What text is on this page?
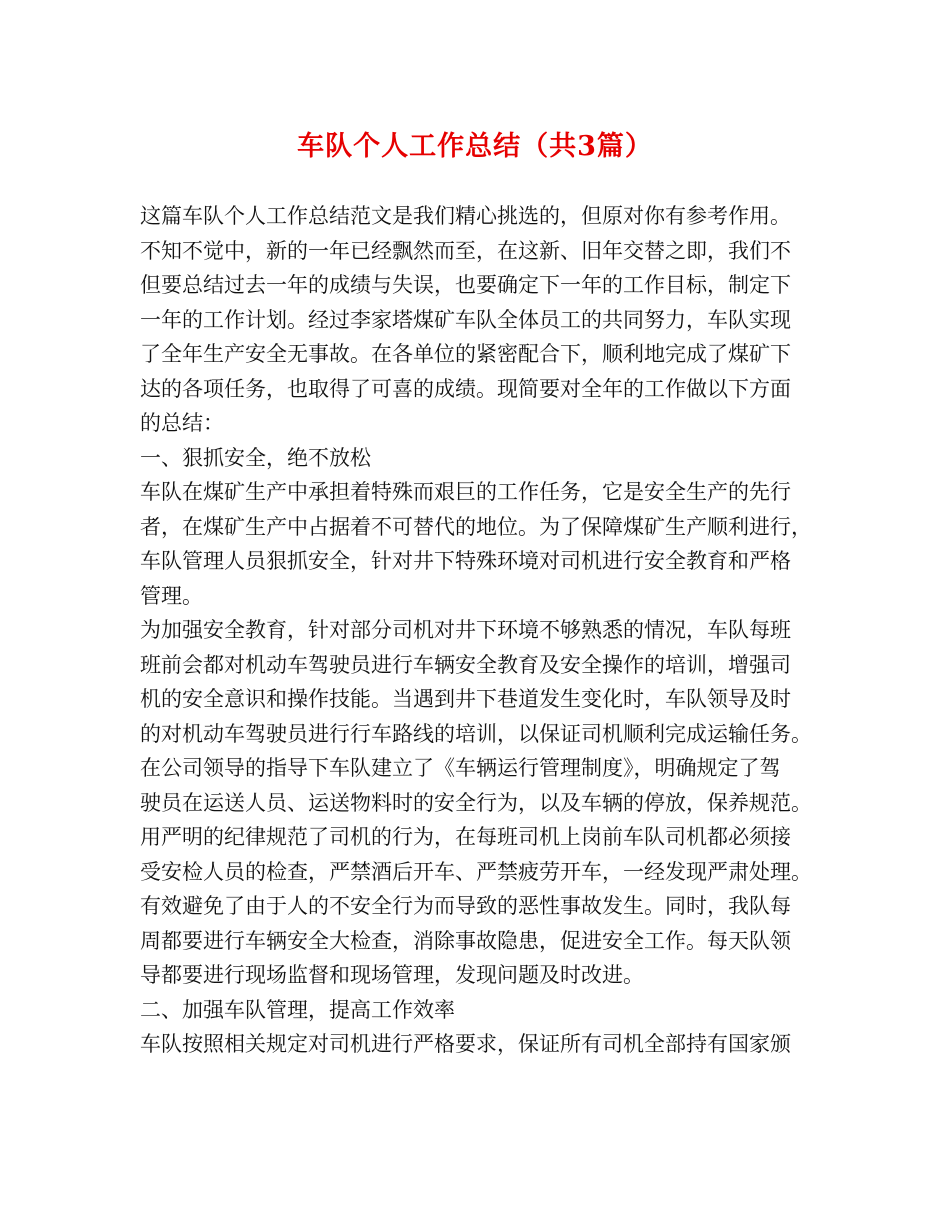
车队个人工作总结（共3篇）
这篇车队个人工作总结范文是我们精心挑选的，但原对你有参考作用。
不知不觉中，新的一年已经飘然而至，在这新、旧年交替之即，我们不
但要总结过去一年的成绩与失误，也要确定下一年的工作目标，制定下
一年的工作计划。经过李家塔煤矿车队全体员工的共同努力，车队实现
了全年生产安全无事故。在各单位的紧密配合下，顺利地完成了煤矿下
达的各项任务，也取得了可喜的成绩。现简要对全年的工作做以下方面
的总结：
一、狠抓安全，绝不放松
车队在煤矿生产中承担着特殊而艰巨的工作任务，它是安全生产的先行
者，在煤矿生产中占据着不可替代的地位。为了保障煤矿生产顺利进行，
车队管理人员狠抓安全，针对井下特殊环境对司机进行安全教育和严格
管理。
为加强安全教育，针对部分司机对井下环境不够熟悉的情况，车队每班
班前会都对机动车驾驶员进行车辆安全教育及安全操作的培训，增强司
机的安全意识和操作技能。当遇到井下巷道发生变化时，车队领导及时
的对机动车驾驶员进行行车路线的培训，以保证司机顺利完成运输任务。
在公司领导的指导下车队建立了《车辆运行管理制度》，明确规定了驾
驶员在运送人员、运送物料时的安全行为，以及车辆的停放，保养规范。
用严明的纪律规范了司机的行为，在每班司机上岗前车队司机都必须接
受安检人员的检查，严禁酒后开车、严禁疲劳开车，一经发现严肃处理。
有效避免了由于人的不安全行为而导致的恶性事故发生。同时，我队每
周都要进行车辆安全大检查，消除事故隐患，促进安全工作。每天队领
导都要进行现场监督和现场管理，发现问题及时改进。
二、加强车队管理，提高工作效率
车队按照相关规定对司机进行严格要求，保证所有司机全部持有国家颁
